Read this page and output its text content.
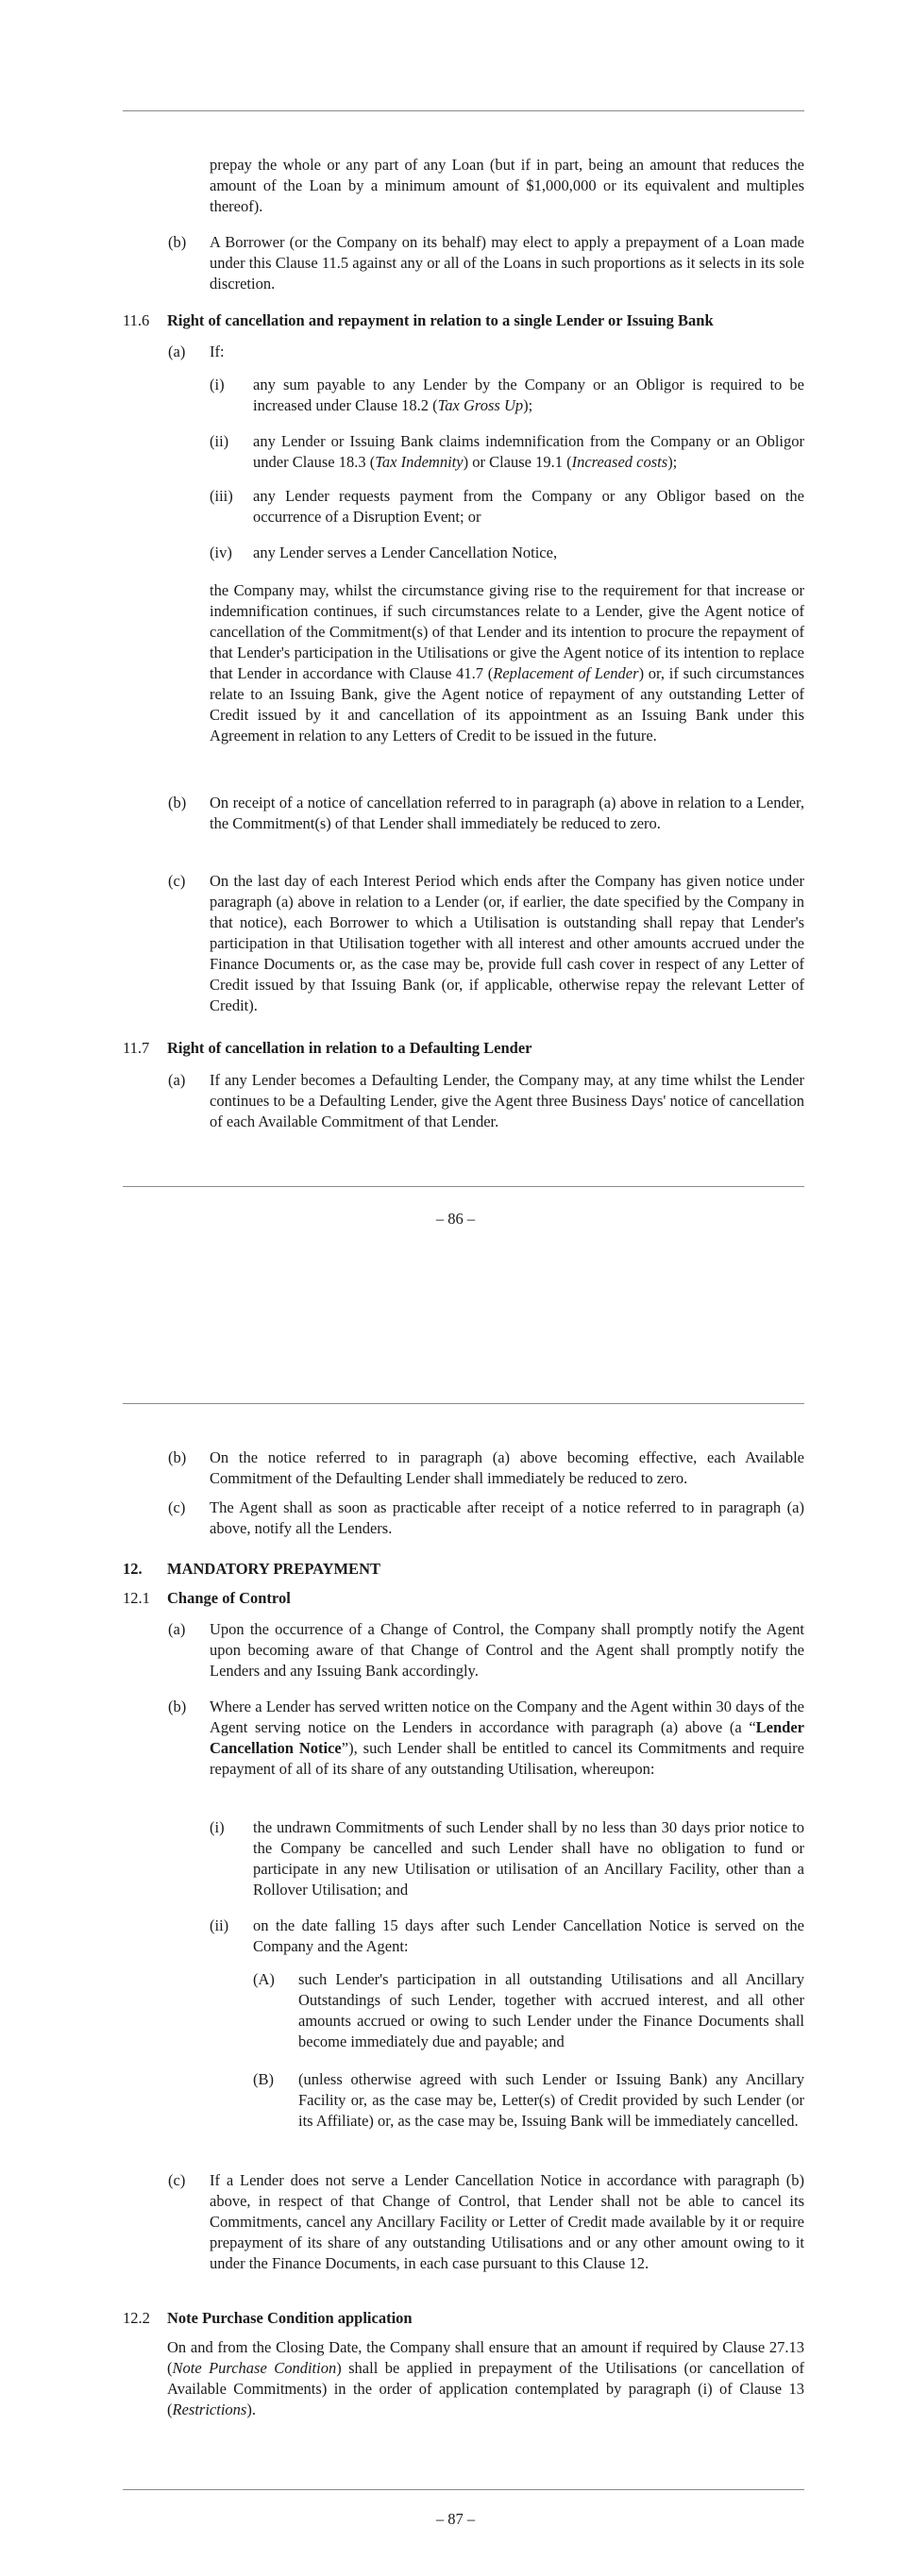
prepay the whole or any part of any Loan (but if in part, being an amount that reduces the amount of the Loan by a minimum amount of $1,000,000 or its equivalent and multiples thereof).

(b) A Borrower (or the Company on its behalf) may elect to apply a prepayment of a Loan made under this Clause 11.5 against any or all of the Loans in such proportions as it selects in its sole discretion.

11.6 Right of cancellation and repayment in relation to a single Lender or Issuing Bank
(a) If:
(i) any sum payable to any Lender by the Company or an Obligor is required to be increased under Clause 18.2 (Tax Gross Up);

(ii) any Lender or Issuing Bank claims indemnification from the Company or an Obligor under Clause 18.3 (Tax Indemnity) or Clause 19.1 (Increased costs);

(iii) any Lender requests payment from the Company or any Obligor based on the occurrence of a Disruption Event; or

(iv) any Lender serves a Lender Cancellation Notice,

the Company may, whilst the circumstance giving rise to the requirement for that increase or indemnification continues, if such circumstances relate to a Lender, give the Agent notice of cancellation of the Commitment(s) of that Lender and its intention to procure the repayment of that Lender's participation in the Utilisations or give the Agent notice of its intention to replace that Lender in accordance with Clause 41.7 (Replacement of Lender) or, if such circumstances relate to an Issuing Bank, give the Agent notice of repayment of any outstanding Letter of Credit issued by it and cancellation of its appointment as an Issuing Bank under this Agreement in relation to any Letters of Credit to be issued in the future.

(b) On receipt of a notice of cancellation referred to in paragraph (a) above in relation to a Lender, the Commitment(s) of that Lender shall immediately be reduced to zero.

(c) On the last day of each Interest Period which ends after the Company has given notice under paragraph (a) above in relation to a Lender (or, if earlier, the date specified by the Company in that notice), each Borrower to which a Utilisation is outstanding shall repay that Lender's participation in that Utilisation together with all interest and other amounts accrued under the Finance Documents or, as the case may be, provide full cash cover in respect of any Letter of Credit issued by that Issuing Bank (or, if applicable, otherwise repay the relevant Letter of Credit).

11.7 Right of cancellation in relation to a Defaulting Lender
(a) If any Lender becomes a Defaulting Lender, the Company may, at any time whilst the Lender continues to be a Defaulting Lender, give the Agent three Business Days' notice of cancellation of each Available Commitment of that Lender.

– 86 –
(b) On the notice referred to in paragraph (a) above becoming effective, each Available Commitment of the Defaulting Lender shall immediately be reduced to zero.

(c) The Agent shall as soon as practicable after receipt of a notice referred to in paragraph (a) above, notify all the Lenders.

12. MANDATORY PREPAYMENT
12.1 Change of Control
(a) Upon the occurrence of a Change of Control, the Company shall promptly notify the Agent upon becoming aware of that Change of Control and the Agent shall promptly notify the Lenders and any Issuing Bank accordingly.

(b) Where a Lender has served written notice on the Company and the Agent within 30 days of the Agent serving notice on the Lenders in accordance with paragraph (a) above (a “Lender Cancellation Notice”), such Lender shall be entitled to cancel its Commitments and require repayment of all of its share of any outstanding Utilisation, whereupon:

(i) the undrawn Commitments of such Lender shall by no less than 30 days prior notice to the Company be cancelled and such Lender shall have no obligation to fund or participate in any new Utilisation or utilisation of an Ancillary Facility, other than a Rollover Utilisation; and

(ii) on the date falling 15 days after such Lender Cancellation Notice is served on the Company and the Agent:

(A) such Lender's participation in all outstanding Utilisations and all Ancillary Outstandings of such Lender, together with accrued interest, and all other amounts accrued or owing to such Lender under the Finance Documents shall become immediately due and payable; and

(B) (unless otherwise agreed with such Lender or Issuing Bank) any Ancillary Facility or, as the case may be, Letter(s) of Credit provided by such Lender (or its Affiliate) or, as the case may be, Issuing Bank will be immediately cancelled.

(c) If a Lender does not serve a Lender Cancellation Notice in accordance with paragraph (b) above, in respect of that Change of Control, that Lender shall not be able to cancel its Commitments, cancel any Ancillary Facility or Letter of Credit made available by it or require prepayment of its share of any outstanding Utilisations and or any other amount owing to it under the Finance Documents, in each case pursuant to this Clause 12.

12.2 Note Purchase Condition application

On and from the Closing Date, the Company shall ensure that an amount if required by Clause 27.13 (Note Purchase Condition) shall be applied in prepayment of the Utilisations (or cancellation of Available Commitments) in the order of application contemplated by paragraph (i) of Clause 13 (Restrictions).

– 87 –
